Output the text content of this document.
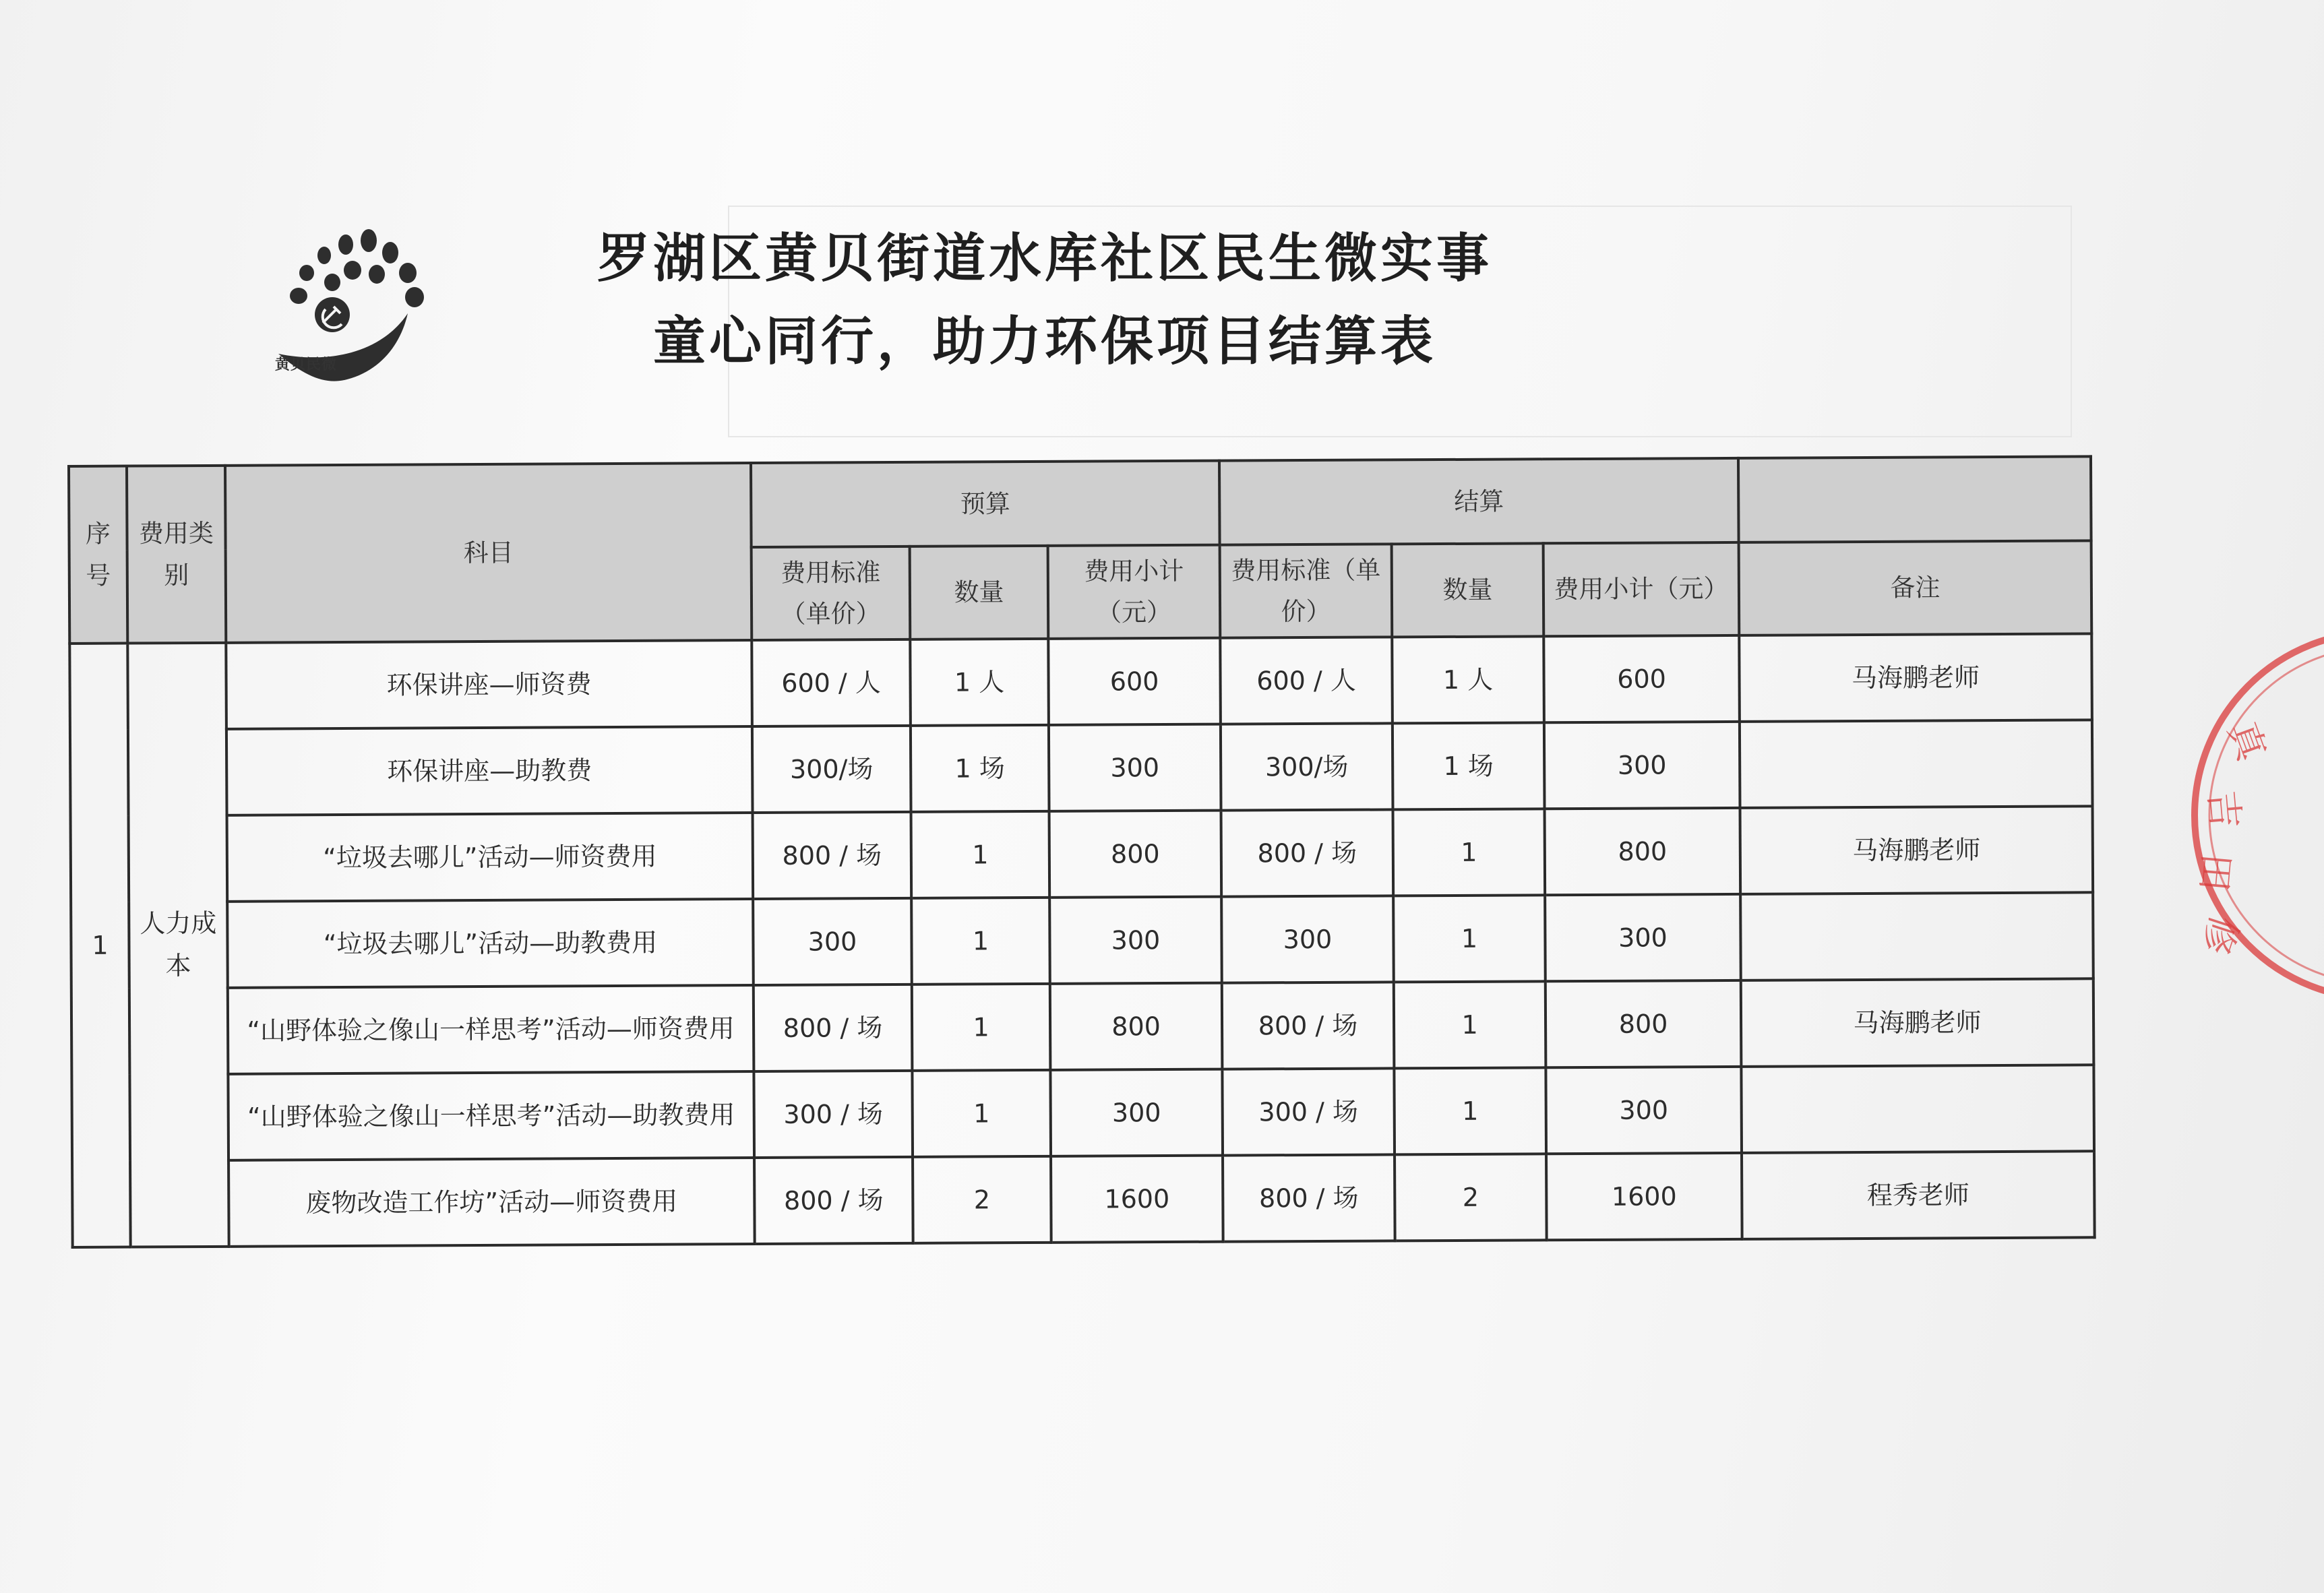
黄贝民微
罗湖区黄贝街道水库社区民生微实事
童心同行，助力环保项目结算表
序号	费用类别	科目	预算			结算			
			费用标准（单价）	数量	费用小计（元）	费用标准（单价）	数量	费用小计（元）	备注
1	人力成本	环保讲座—师资费	600 / 人	1 人	600	600 / 人	1 人	600	马海鹏老师
		环保讲座—助教费	300/场	1 场	300	300/场	1 场	300	
		“垃圾去哪儿”活动—师资费用	800 / 场	1	800	800 / 场	1	800	马海鹏老师
		“垃圾去哪儿”活动—助教费用	300	1	300	300	1	300	
		“山野体验之像山一样思考”活动—师资费用	800 / 场	1	800	800 / 场	1	800	马海鹏老师
		“山野体验之像山一样思考”活动—助教费用	300 / 场	1	300	300 / 场	1	300	
		废物改造工作坊”活动—师资费用	800 / 场	2	1600	800 / 场	2	1600	程秀老师
真
吉
田
修
